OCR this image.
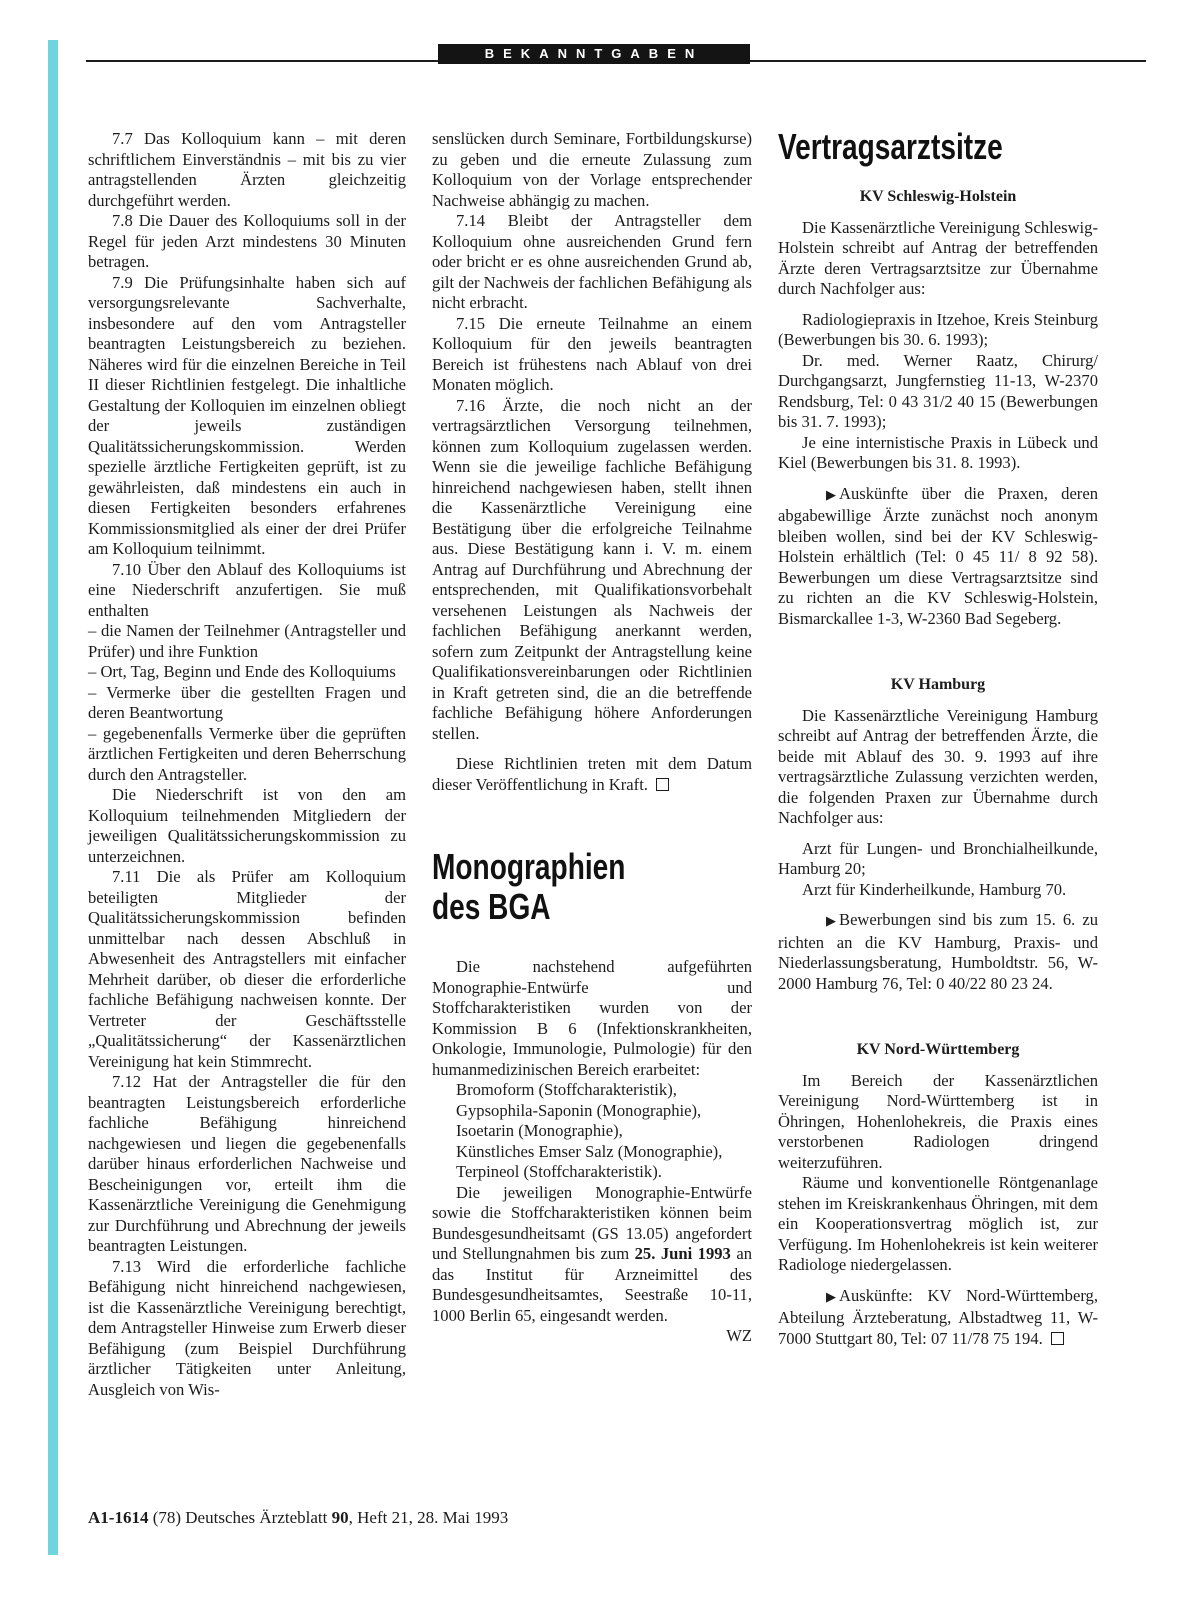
BEKANNTGABEN

7.7 Das Kolloquium kann – mit deren schriftlichem Einverständnis – mit bis zu vier antragstellenden Ärzten gleichzeitig durchgeführt werden.

7.8 Die Dauer des Kolloquiums soll in der Regel für jeden Arzt mindestens 30 Minuten betragen.

7.9 Die Prüfungsinhalte haben sich auf versorgungsrelevante Sachverhalte, insbesondere auf den vom Antragsteller beantragten Leistungsbereich zu beziehen. Näheres wird für die einzelnen Bereiche in Teil II dieser Richtlinien festgelegt. Die inhaltliche Gestaltung der Kolloquien im einzelnen obliegt der jeweils zuständigen Qualitätssicherungskommission. Werden spezielle ärztliche Fertigkeiten geprüft, ist zu gewährleisten, daß mindestens ein auch in diesen Fertigkeiten besonders erfahrenes Kommissionsmitglied als einer der drei Prüfer am Kolloquium teilnimmt.

7.10 Über den Ablauf des Kolloquiums ist eine Niederschrift anzufertigen. Sie muß enthalten

– die Namen der Teilnehmer (Antragsteller und Prüfer) und ihre Funktion

– Ort, Tag, Beginn und Ende des Kolloquiums

– Vermerke über die gestellten Fragen und deren Beantwortung

– gegebenenfalls Vermerke über die geprüften ärztlichen Fertigkeiten und deren Beherrschung durch den Antragsteller.

Die Niederschrift ist von den am Kolloquium teilnehmenden Mitgliedern der jeweiligen Qualitätssicherungskommission zu unterzeichnen.

7.11 Die als Prüfer am Kolloquium beteiligten Mitglieder der Qualitätssicherungskommission befinden unmittelbar nach dessen Abschluß in Abwesenheit des Antragstellers mit einfacher Mehrheit darüber, ob dieser die erforderliche fachliche Befähigung nachweisen konnte. Der Vertreter der Geschäftsstelle „Qualitätssicherung“ der Kassenärztlichen Vereinigung hat kein Stimmrecht.

7.12 Hat der Antragsteller die für den beantragten Leistungsbereich erforderliche fachliche Befähigung hinreichend nachgewiesen und liegen die gegebenenfalls darüber hinaus erforderlichen Nachweise und Bescheinigungen vor, erteilt ihm die Kassenärztliche Vereinigung die Genehmigung zur Durchführung und Abrechnung der jeweils beantragten Leistungen.

7.13 Wird die erforderliche fachliche Befähigung nicht hinreichend nachgewiesen, ist die Kassenärztliche Vereinigung berechtigt, dem Antragsteller Hinweise zum Erwerb dieser Befähigung (zum Beispiel Durchführung ärztlicher Tätigkeiten unter Anleitung, Ausgleich von Wis-

senslücken durch Seminare, Fortbildungskurse) zu geben und die erneute Zulassung zum Kolloquium von der Vorlage entsprechender Nachweise abhängig zu machen.

7.14 Bleibt der Antragsteller dem Kolloquium ohne ausreichenden Grund fern oder bricht er es ohne ausreichenden Grund ab, gilt der Nachweis der fachlichen Befähigung als nicht erbracht.

7.15 Die erneute Teilnahme an einem Kolloquium für den jeweils beantragten Bereich ist frühestens nach Ablauf von drei Monaten möglich.

7.16 Ärzte, die noch nicht an der vertragsärztlichen Versorgung teilnehmen, können zum Kolloquium zugelassen werden. Wenn sie die jeweilige fachliche Befähigung hinreichend nachgewiesen haben, stellt ihnen die Kassenärztliche Vereinigung eine Bestätigung über die erfolgreiche Teilnahme aus. Diese Bestätigung kann i. V. m. einem Antrag auf Durchführung und Abrechnung der entsprechenden, mit Qualifikationsvorbehalt versehenen Leistungen als Nachweis der fachlichen Befähigung anerkannt werden, sofern zum Zeitpunkt der Antragstellung keine Qualifikationsvereinbarungen oder Richtlinien in Kraft getreten sind, die an die betreffende fachliche Befähigung höhere Anforderungen stellen.

Diese Richtlinien treten mit dem Datum dieser Veröffentlichung in Kraft.

Monographien
des BGA

Die nachstehend aufgeführten Monographie-Entwürfe und Stoffcharakteristiken wurden von der Kommission B 6 (Infektionskrankheiten, Onkologie, Immunologie, Pulmologie) für den humanmedizinischen Bereich erarbeitet:

Bromoform (Stoffcharakteristik),

Gypsophila-Saponin (Monographie),

Isoetarin (Monographie),

Künstliches Emser Salz (Monographie),

Terpineol (Stoffcharakteristik).

Die jeweiligen Monographie-Entwürfe sowie die Stoffcharakteristiken können beim Bundesgesundheitsamt (GS 13.05) angefordert und Stellungnahmen bis zum 25. Juni 1993 an das Institut für Arzneimittel des Bundesgesundheitsamtes, Seestraße 10-11, 1000 Berlin 65, eingesandt werden.

WZ

Vertragsarztsitze
KV Schleswig-Holstein

Die Kassenärztliche Vereinigung Schleswig-Holstein schreibt auf Antrag der betreffenden Ärzte deren Vertragsarztsitze zur Übernahme durch Nachfolger aus:

Radiologiepraxis in Itzehoe, Kreis Steinburg (Bewerbungen bis 30. 6. 1993);

Dr. med. Werner Raatz, Chirurg/ Durchgangsarzt, Jungfernstieg 11-13, W-2370 Rendsburg, Tel: 0 43 31/2 40 15 (Bewerbungen bis 31. 7. 1993);

Je eine internistische Praxis in Lübeck und Kiel (Bewerbungen bis 31. 8. 1993).

▶ Auskünfte über die Praxen, deren abgabewillige Ärzte zunächst noch anonym bleiben wollen, sind bei der KV Schleswig-Holstein erhältlich (Tel: 0 45 11/ 8 92 58). Bewerbungen um diese Vertragsarztsitze sind zu richten an die KV Schleswig-Holstein, Bismarckallee 1-3, W-2360 Bad Segeberg.

KV Hamburg

Die Kassenärztliche Vereinigung Hamburg schreibt auf Antrag der betreffenden Ärzte, die beide mit Ablauf des 30. 9. 1993 auf ihre vertragsärztliche Zulassung verzichten werden, die folgenden Praxen zur Übernahme durch Nachfolger aus:

Arzt für Lungen- und Bronchialheilkunde, Hamburg 20;

Arzt für Kinderheilkunde, Hamburg 70.

▶ Bewerbungen sind bis zum 15. 6. zu richten an die KV Hamburg, Praxis- und Niederlassungsberatung, Humboldtstr. 56, W-2000 Hamburg 76, Tel: 0 40/22 80 23 24.

KV Nord-Württemberg

Im Bereich der Kassenärztlichen Vereinigung Nord-Württemberg ist in Öhringen, Hohenlohekreis, die Praxis eines verstorbenen Radiologen dringend weiterzuführen.

Räume und konventionelle Röntgenanlage stehen im Kreiskrankenhaus Öhringen, mit dem ein Kooperationsvertrag möglich ist, zur Verfügung. Im Hohenlohekreis ist kein weiterer Radiologe niedergelassen.

▶ Auskünfte: KV Nord-Württemberg, Abteilung Ärzteberatung, Albstadtweg 11, W-7000 Stuttgart 80, Tel: 07 11/78 75 194.

A1-1614 (78) Deutsches Ärzteblatt 90, Heft 21, 28. Mai 1993
